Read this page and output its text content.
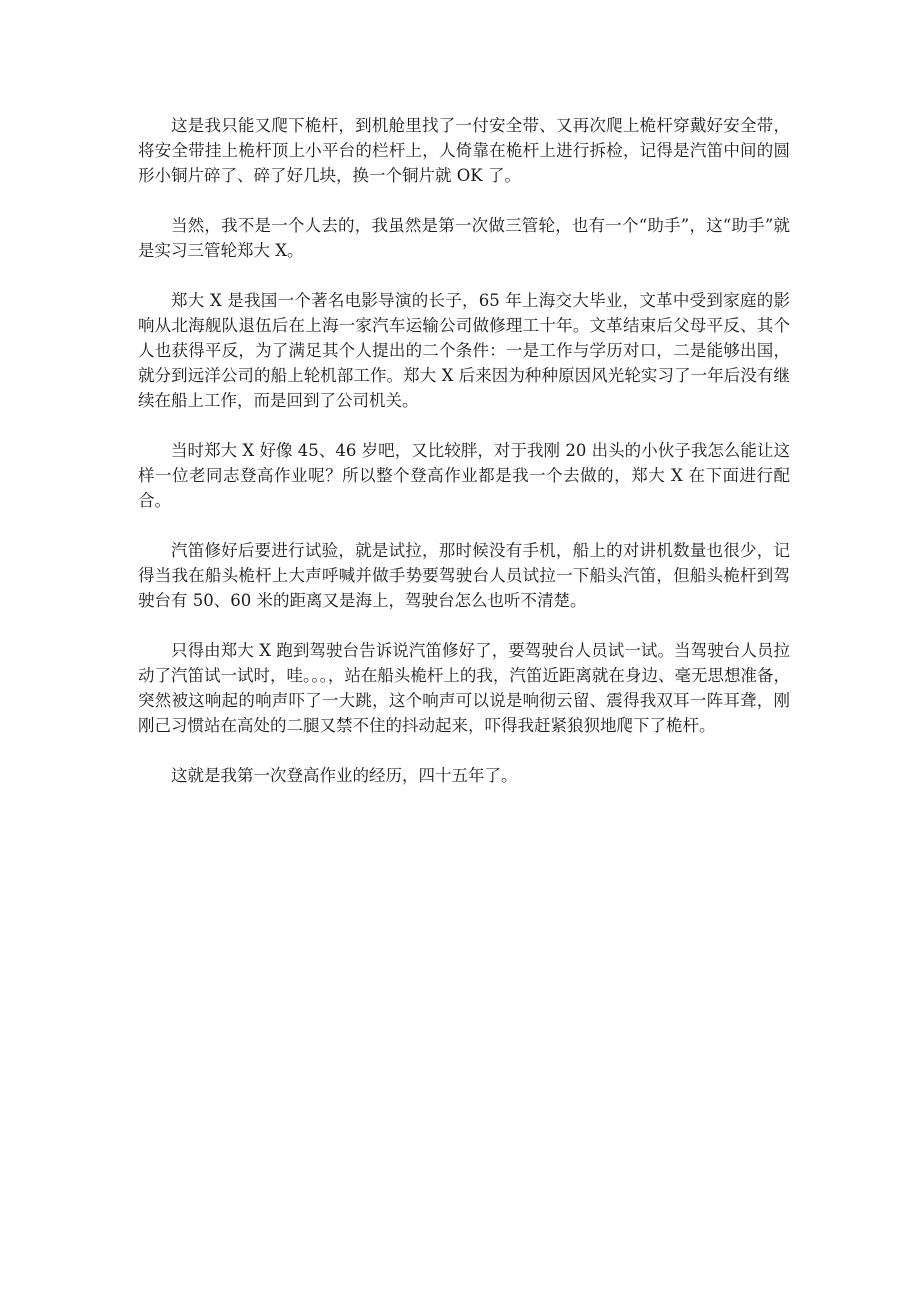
这是我只能又爬下桅杆，到机舱里找了一付安全带、又再次爬上桅杆穿戴好安全带，将安全带挂上桅杆顶上小平台的栏杆上，人倚靠在桅杆上进行拆检，记得是汽笛中间的圆形小铜片碎了、碎了好几块，换一个铜片就 OK 了。

当然，我不是一个人去的，我虽然是第一次做三管轮，也有一个“助手”，这“助手”就是实习三管轮郑大 X。

郑大 X 是我国一个著名电影导演的长子，65 年上海交大毕业，文革中受到家庭的影响从北海舰队退伍后在上海一家汽车运输公司做修理工十年。文革结束后父母平反、其个人也获得平反，为了满足其个人提出的二个条件：一是工作与学历对口，二是能够出国，就分到远洋公司的船上轮机部工作。郑大 X 后来因为种种原因风光轮实习了一年后没有继续在船上工作，而是回到了公司机关。

当时郑大 X 好像 45、46 岁吧，又比较胖，对于我刚 20 出头的小伙子我怎么能让这样一位老同志登高作业呢？所以整个登高作业都是我一个去做的，郑大 X 在下面进行配合。

汽笛修好后要进行试验，就是试拉，那时候没有手机，船上的对讲机数量也很少，记得当我在船头桅杆上大声呼喊并做手势要驾驶台人员试拉一下船头汽笛，但船头桅杆到驾驶台有 50、60 米的距离又是海上，驾驶台怎么也听不清楚。

只得由郑大 X 跑到驾驶台告诉说汽笛修好了，要驾驶台人员试一试。当驾驶台人员拉动了汽笛试一试时，哇。。。，站在船头桅杆上的我，汽笛近距离就在身边、毫无思想准备，突然被这响起的响声吓了一大跳，这个响声可以说是响彻云留、震得我双耳一阵耳聋，刚刚己习惯站在高处的二腿又禁不住的抖动起来，吓得我赶紧狼狈地爬下了桅杆。

这就是我第一次登高作业的经历，四十五年了。
